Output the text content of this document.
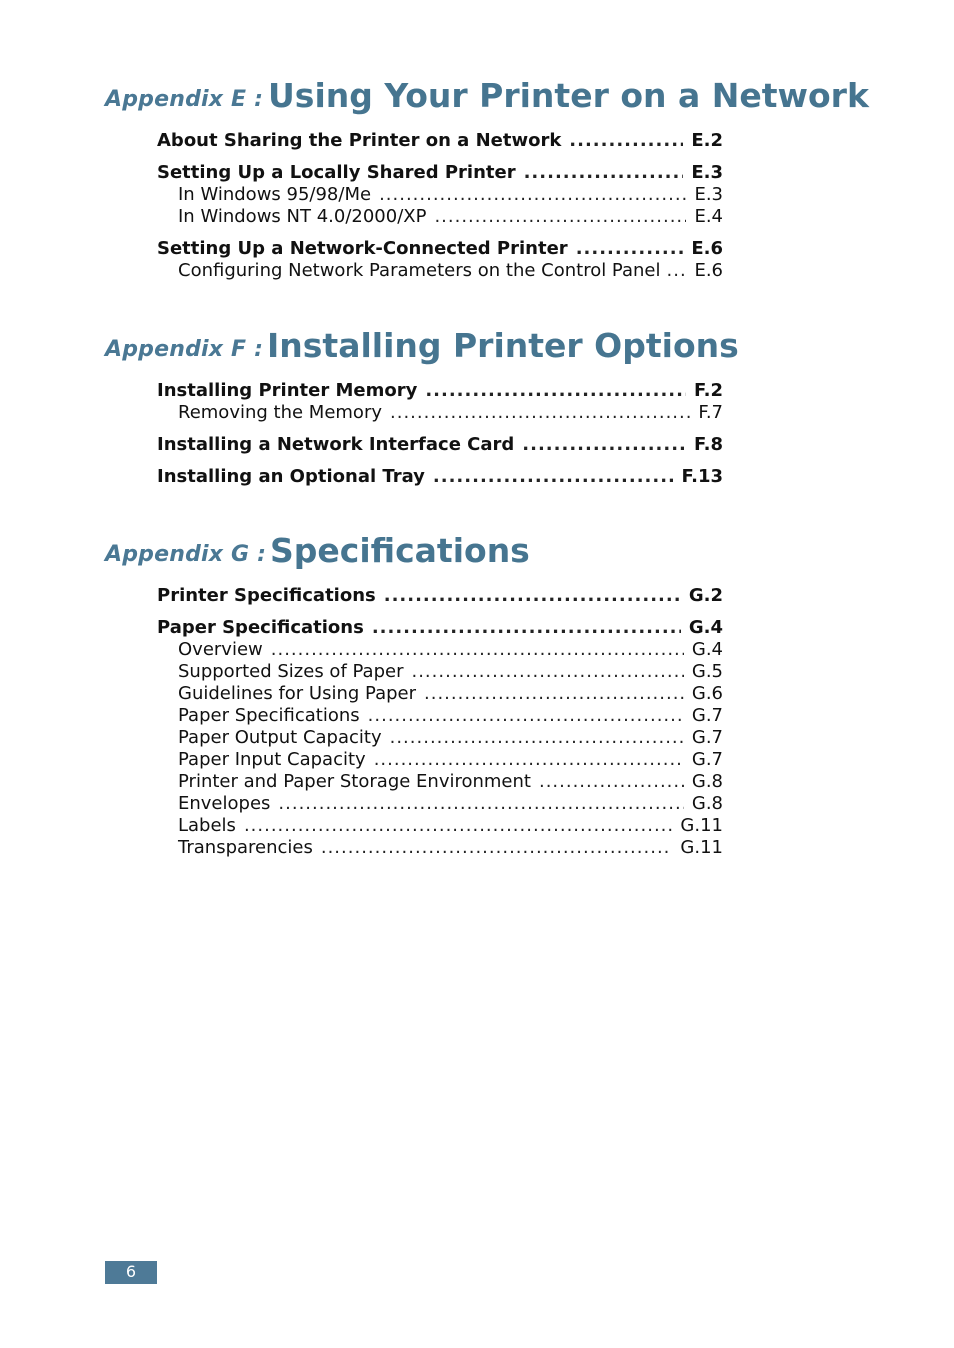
Appendix E : Using Your Printer on a Network
About Sharing the Printer on a Network .....	E.2
Setting Up a Locally Shared Printer .....	E.3
In Windows 95/98/Me .....	E.3
In Windows NT 4.0/2000/XP .....	E.4
Setting Up a Network-Connected Printer .....	E.6
Configuring Network Parameters on the Control Panel ..... E.6
Appendix F : Installing Printer Options
Installing Printer Memory .....	F.2
Removing the Memory .....	F.7
Installing a Network Interface Card .....	F.8
Installing an Optional Tray .....	F.13
Appendix G : Specifications
Printer Specifications .....	G.2
Paper Specifications .....	G.4
Overview .....	G.4
Supported Sizes of Paper .....	G.5
Guidelines for Using Paper .....	G.6
Paper Specifications .....	G.7
Paper Output Capacity .....	G.7
Paper Input Capacity .....	G.7
Printer and Paper Storage Environment .....	G.8
Envelopes .....	G.8
Labels .....	G.11
Transparencies .....	G.11
6
